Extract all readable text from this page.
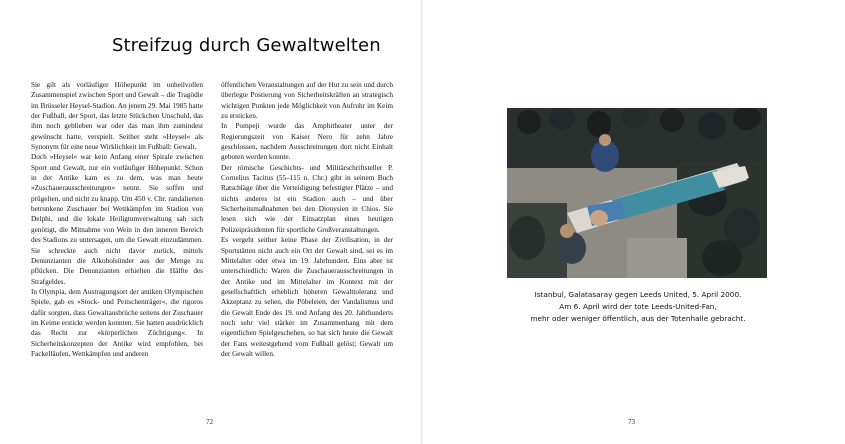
Streifzug durch Gewaltwelten

Sie gilt als vorläufiger Höhepunkt im unheilvollen Zusammenspiel zwischen Sport und Gewalt – die Tragödie im Brüsseler Heysel-Stadion. An jenem 29. Mai 1985 hatte der Fußball, der Sport, das letzte Stückchen Unschuld, das ihm noch geblieben war oder das man ihm zumindest gewünscht hatte, verspielt. Seither steht »Heysel« als Synonym für eine neue Wirklichkeit im Fußball: Gewalt.

Doch »Heysel« war kein Anfang einer Spirale zwischen Sport und Gewalt, nur ein vorläufiger Höhepunkt. Schon in der Antike kam es zu dem, was man heute »Zuschauerausschreitungen« nennt. Sie soffen und prügelten, und nicht zu knapp. Um 450 v. Chr. randalierten betrunkene Zuschauer bei Wettkämpfen im Stadion von Delphi, und die lokale Heiligtumverwaltung sah sich genötigt, die Mitnahme von Wein in den inneren Bereich des Stadions zu untersagen, um die Gewalt einzudämmen. Sie schreckte auch nicht davor zurück, mittels Denunzianten die Alkoholsünder aus der Menge zu pflücken. Die Denunzianten erhielten die Hälfte des Strafgeldes.

In Olympia, dem Austragungsort der antiken Olympischen Spiele, gab es »Stock- und Peitschenträger«, die rigoros dafür sorgten, dass Gewaltausbrüche seitens der Zuschauer im Keime erstickt werden konnten. Sie hatten ausdrücklich das Recht zur »körperlichen Züchtigung«. In Sicherheitskonzepten der Antike wird empfohlen, bei Fackelläufen, Wettkämpfen und anderen

öffentlichen Veranstaltungen auf der Hut zu sein und durch überlegte Postierung von Sicherheitskräften an strategisch wichtigen Punkten jede Möglichkeit von Aufruhr im Keim zu ersticken.

In Pompeji wurde das Amphitheater unter der Regierungszeit von Kaiser Nero für zehn Jahre geschlossen, nachdem Ausschreitungen dort nicht Einhalt geboten werden konnte.

Der römische Geschichts- und Militärschriftsteller P. Cornelius Tacitus (55–115 n. Chr.) gibt in seinem Buch Ratschläge über die Verteidigung befestigter Plätze – und nichts anderes ist ein Stadion auch – und über Sicherheitsmaßnahmen bei den Dionysien in Chios. Sie lesen sich wie der Einsatzplan eines heutigen Polizeipräsidenten für sportliche Großveranstaltungen.

Es vergeht seither keine Phase der Zivilisation, in der Sportstätten nicht auch ein Ort der Gewalt sind, sei es im Mittelalter oder etwa im 19. Jahrhundert. Eins aber ist unterschiedlich: Waren die Zuschauerausschreitungen in der Antike und im Mittelalter im Kontext mit der gesellschaftlich erheblich höheren Gewalttoleranz und Akzeptanz zu sehen, die Pöbeleien, der Vandalismus und die Gewalt Ende des 19. und Anfang des 20. Jahrhunderts noch sehr viel stärker im Zusammenhang mit dem eigentlichen Spielgeschehen, so hat sich heute die Gewalt der Fans weitestgehend vom Fußball gelöst; Gewalt um der Gewalt willen.

72
Istanbul, Galatasaray gegen Leeds United, 5. April 2000.
Am 6. April wird der tote Leeds-United-Fan,
mehr oder weniger öffentlich, aus der Totenhalle gebracht.
73
